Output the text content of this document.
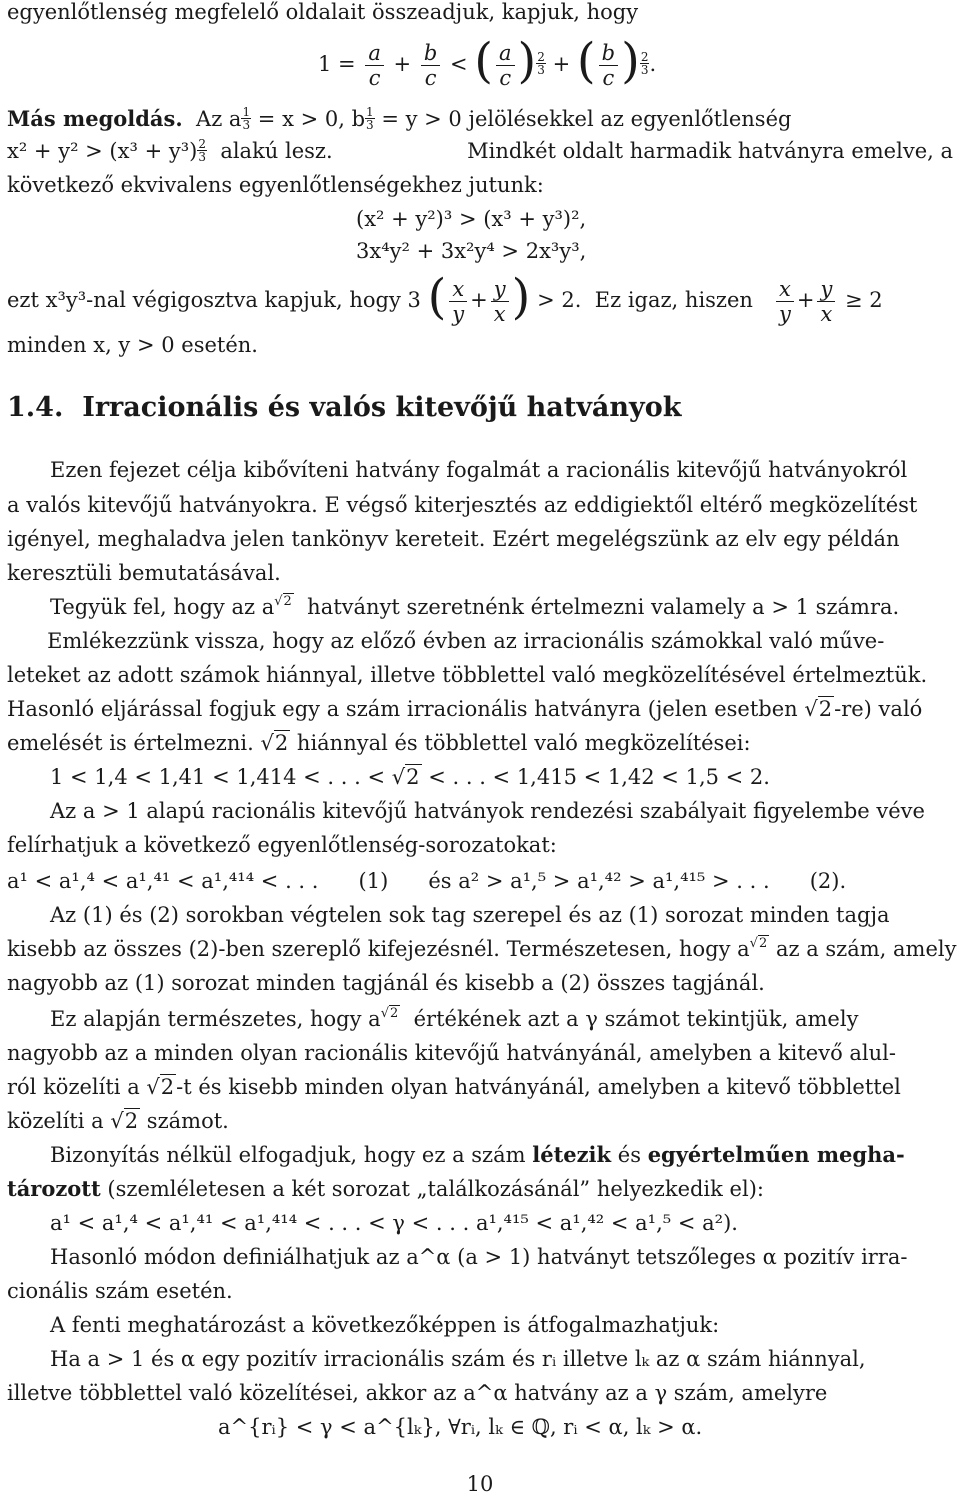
egyenlőtlenség megfelelő oldalait összeadjuk, kapjuk, hogy
$1 = \frac{a}{c} + \frac{b}{c}$ < ( $\frac{a}{c}$ ) $\frac{2}{3}$ + ( $\frac{b}{c}$ ) $\frac{2}{3}$ .
Más megoldás. Az a $\frac{1}{3} = x > 0$, b $\frac{1}{3} = y > 0$ jelölésekkel az egyenlőtlenség
$x^2 + y^2 > (x^3 + y^3) \frac{2}{3}$ alakú lesz.	Mindkét oldalt harmadik hatványra emelve, a
következő ekvivalens egyenlőtlenségekhez jutunk:
(x² + y²)³ > (x³ + y³)²,
3x⁴y² + 3x²y⁴ > 2x³y³,
ezt x³y³-nal végigosztva kapjuk, hogy 3 ( $\frac{x}{y} + \frac{y}{x}$ ) > 2. Ez igaz, hiszen $\frac{x}{y} + \frac{y}{x} \ge 2$
minden x, y > 0 esetén.
1.4. Irracionális és valós kitevőjű hatványok
Ezen fejezet célja kibővíteni hatvány fogalmát a racionális kitevőjű hatványokról
a valós kitevőjű hatványokra. E végső kiterjesztés az eddigiektől eltérő megközelítést
igényel, meghaladva jelen tankönyv kereteit. Ezért megelégszünk az elv egy példán
keresztüli bemutatásával.
Tegyük fel, hogy az $a^{√2}$ hatványt szeretnénk értelmezni valamely a > 1 számra.
Emlékezzünk vissza, hogy az előző évben az irracionális számokkal való műve-
leteket az adott számok hiánnyal, illetve többlettel való megközelítésével értelmeztük.
Hasonló eljárással fogjuk egy a szám irracionális hatványra (jelen esetben √2-re) való
emelését is értelmezni. √2 hiánnyal és többlettel való megközelítései:
1 < 1,4 < 1,41 < 1,414 < . . . < √2 < . . . < 1,415 < 1,42 < 1,5 < 2.
Az a > 1 alapú racionális kitevőjű hatványok rendezési szabályait figyelembe véve
felírhatjuk a következő egyenlőtlenség-sorozatokat:
a¹ < a¹,⁴ < a¹,⁴¹ < a¹,⁴¹⁴ < . . . (1) és a² > a¹,⁵ > a¹,⁴² > a¹,⁴¹⁵ > . . . (2).
Az (1) és (2) sorokban végtelen sok tag szerepel és az (1) sorozat minden tagja
kisebb az összes (2)-ben szereplő kifejezésnél. Természetesen, hogy $a^{√2}$ az a szám, amely
nagyobb az (1) sorozat minden tagjánál és kisebb a (2) összes tagjánál.
Ez alapján természetes, hogy $a^{√2}$ értékének azt a γ számot tekintjük, amely
nagyobb az a minden olyan racionális kitevőjű hatványánál, amelyben a kitevő alul-
ról közelíti a √2-t és kisebb minden olyan hatványánál, amelyben a kitevő többlettel
közelíti a √2 számot.
Bizonyítás nélkül elfogadjuk, hogy ez a szám létezik és egyértelműen megha-
tározott (szemléletesen a két sorozat „találkozásánál” helyezkedik el):
a¹ < a¹,⁴ < a¹,⁴¹ < a¹,⁴¹⁴ < . . . < γ < . . . a¹,⁴¹⁵ < a¹,⁴² < a¹,⁵ < a²).
Hasonló módon definiálhatjuk az a^α (a > 1) hatványt tetszőleges α pozitív irra-
cionális szám esetén.
A fenti meghatározást a következőképpen is átfogalmazhatjuk:
Ha a > 1 és α egy pozitív irracionális szám és rᵢ illetve lₖ az α szám hiánnyal,
illetve többlettel való közelítései, akkor az a^α hatvány az a γ szám, amelyre
a^{rᵢ} < γ < a^{lₖ}, ∀rᵢ, lₖ ∈ ℚ, rᵢ < α, lₖ > α.
10
